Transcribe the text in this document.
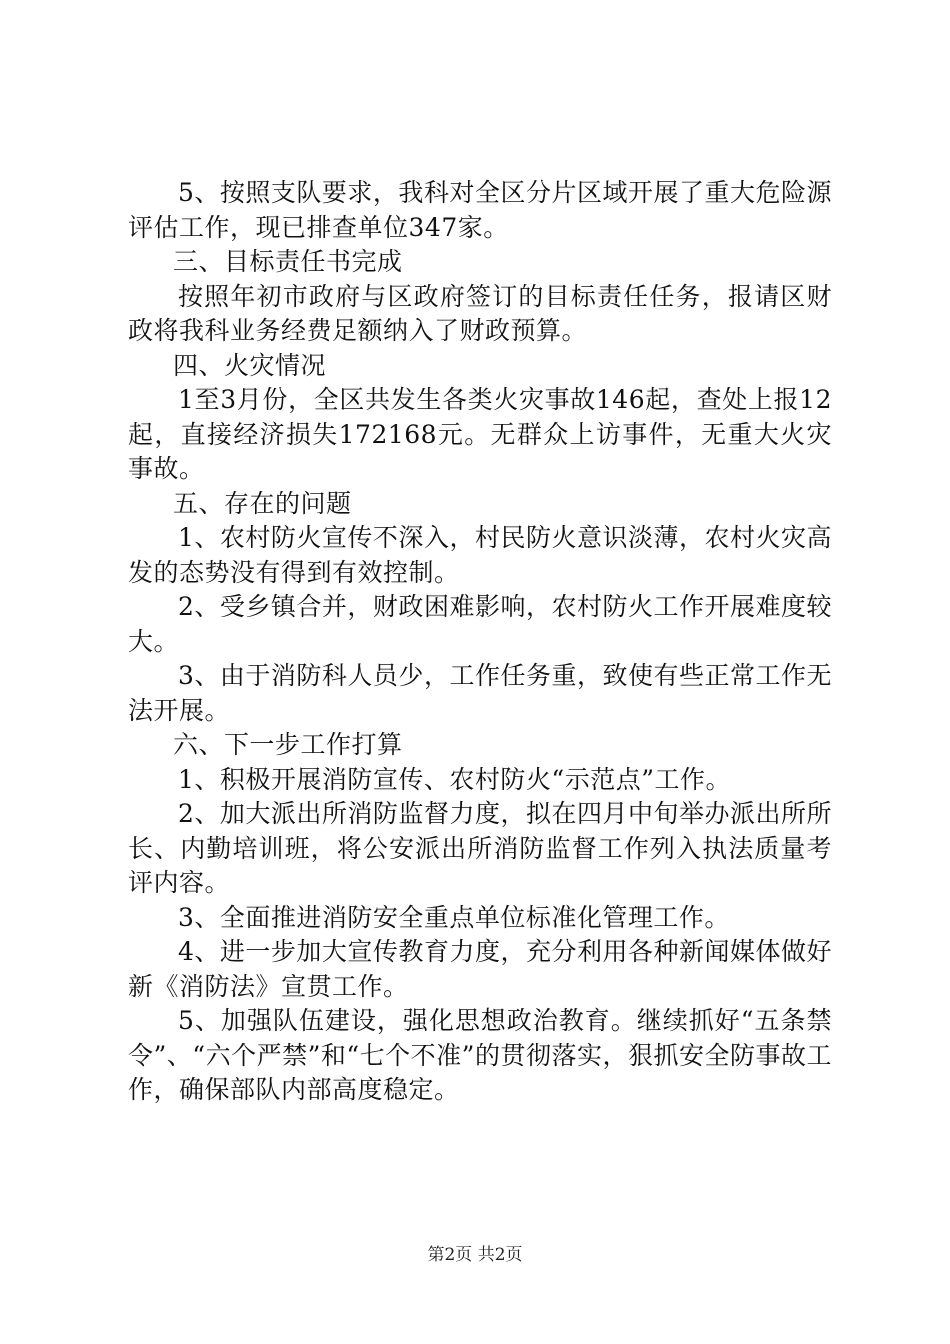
5、按照支队要求，我科对全区分片区域开展了重大危险源评估工作，现已排查单位347家。

三、目标责任书完成

按照年初市政府与区政府签订的目标责任任务，报请区财政将我科业务经费足额纳入了财政预算。

四、火灾情况

1至3月份，全区共发生各类火灾事故146起，查处上报12起，直接经济损失172168元。无群众上访事件，无重大火灾事故。

五、存在的问题

1、农村防火宣传不深入，村民防火意识淡薄，农村火灾高发的态势没有得到有效控制。

2、受乡镇合并，财政困难影响，农村防火工作开展难度较大。

3、由于消防科人员少，工作任务重，致使有些正常工作无法开展。

六、下一步工作打算

1、积极开展消防宣传、农村防火“示范点”工作。

2、加大派出所消防监督力度，拟在四月中旬举办派出所所长、内勤培训班，将公安派出所消防监督工作列入执法质量考评内容。

3、全面推进消防安全重点单位标准化管理工作。

4、进一步加大宣传教育力度，充分利用各种新闻媒体做好新《消防法》宣贯工作。

5、加强队伍建设，强化思想政治教育。继续抓好“五条禁令”、“六个严禁”和“七个不准”的贯彻落实，狠抓安全防事故工作，确保部队内部高度稳定。

第2页 共2页
